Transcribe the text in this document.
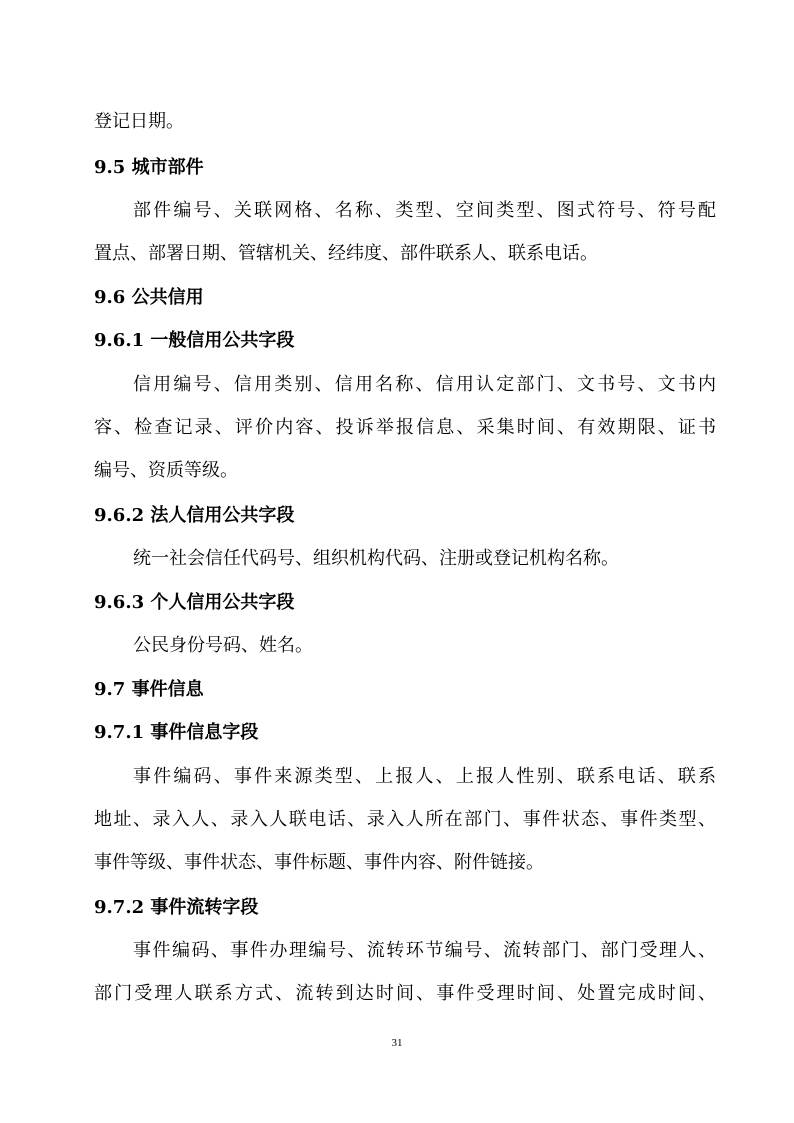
登记日期。
9.5 城市部件
部件编号、关联网格、名称、类型、空间类型、图式符号、符号配
置点、部署日期、管辖机关、经纬度、部件联系人、联系电话。
9.6 公共信用
9.6.1 一般信用公共字段
信用编号、信用类别、信用名称、信用认定部门、文书号、文书内
容、检查记录、评价内容、投诉举报信息、采集时间、有效期限、证书
编号、资质等级。
9.6.2 法人信用公共字段
统一社会信任代码号、组织机构代码、注册或登记机构名称。
9.6.3 个人信用公共字段
公民身份号码、姓名。
9.7 事件信息
9.7.1 事件信息字段
事件编码、事件来源类型、上报人、上报人性别、联系电话、联系
地址、录入人、录入人联电话、录入人所在部门、事件状态、事件类型、
事件等级、事件状态、事件标题、事件内容、附件链接。
9.7.2 事件流转字段
事件编码、事件办理编号、流转环节编号、流转部门、部门受理人、
部门受理人联系方式、流转到达时间、事件受理时间、处置完成时间、
31
